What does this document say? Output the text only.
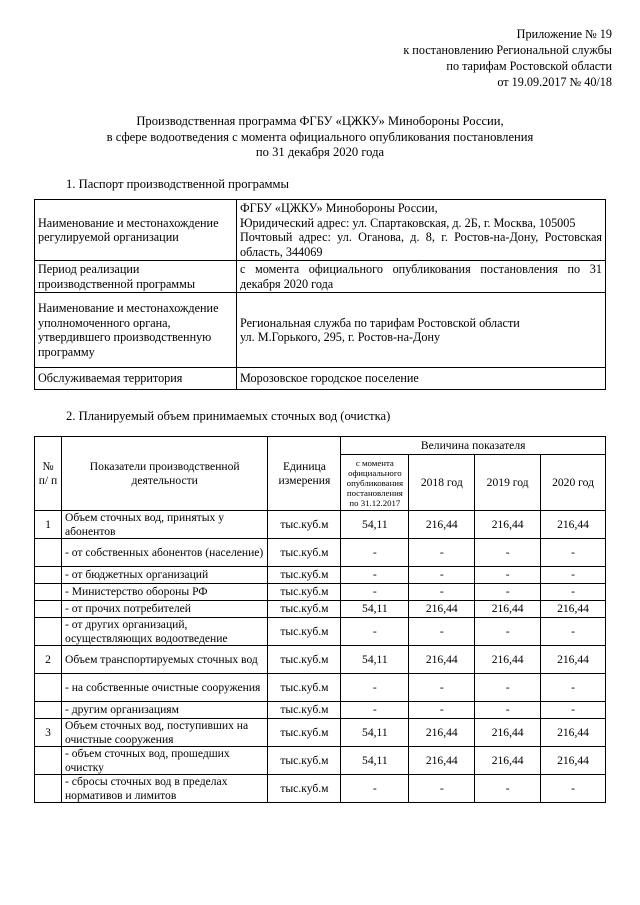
Приложение № 19
к постановлению Региональной службы
по тарифам Ростовской области
от 19.09.2017 № 40/18
Производственная программа ФГБУ «ЦЖКУ» Минобороны России,
в сфере водоотведения с момента официального опубликования постановления
по 31 декабря 2020 года
1. Паспорт производственной программы
Наименование и местонахождение регулируемой организации	ФГБУ «ЦЖКУ» Минобороны России,
Юридический адрес: ул. Спартаковская, д. 2Б, г. Москва, 105005
Почтовый адрес: ул. Оганова, д. 8, г. Ростов-на-Дону, Ростовская область, 344069

Период реализации производственной программы	с момента официального опубликования постановления по 31 декабря 2020 года
Наименование и местонахождение уполномоченного органа, утвердившего производственную программу	Региональная служба по тарифам Ростовской области
ул. М.Горького, 295, г. Ростов-на-Дону

Обслуживаемая территория	Морозовское городское поселение
2. Планируемый объем принимаемых сточных вод (очистка)
№ п/ п	Показатели производственной деятельности	Единица измерения	Величина показателя			
			с момента официального опубликования постановления по 31.12.2017	2018 год	2019 год	2020 год
1	Объем сточных вод, принятых у абонентов	тыс.куб.м	54,11	216,44	216,44	216,44
	- от собственных абонентов (население)	тыс.куб.м	-	-	-	-
	- от бюджетных организаций	тыс.куб.м	-	-	-	-
	- Министерство обороны РФ	тыс.куб.м	-	-	-	-
	- от прочих потребителей	тыс.куб.м	54,11	216,44	216,44	216,44
	- от других организаций, осуществляющих водоотведение	тыс.куб.м	-	-	-	-
2	Объем транспортируемых сточных вод	тыс.куб.м	54,11	216,44	216,44	216,44
	- на собственные очистные сооружения	тыс.куб.м	-	-	-	-
	- другим организациям	тыс.куб.м	-	-	-	-
3	Объем сточных вод, поступивших на очистные сооружения	тыс.куб.м	54,11	216,44	216,44	216,44
	- объем сточных вод, прошедших очистку	тыс.куб.м	54,11	216,44	216,44	216,44
	- сбросы сточных вод в пределах нормативов и лимитов	тыс.куб.м	-	-	-	-
